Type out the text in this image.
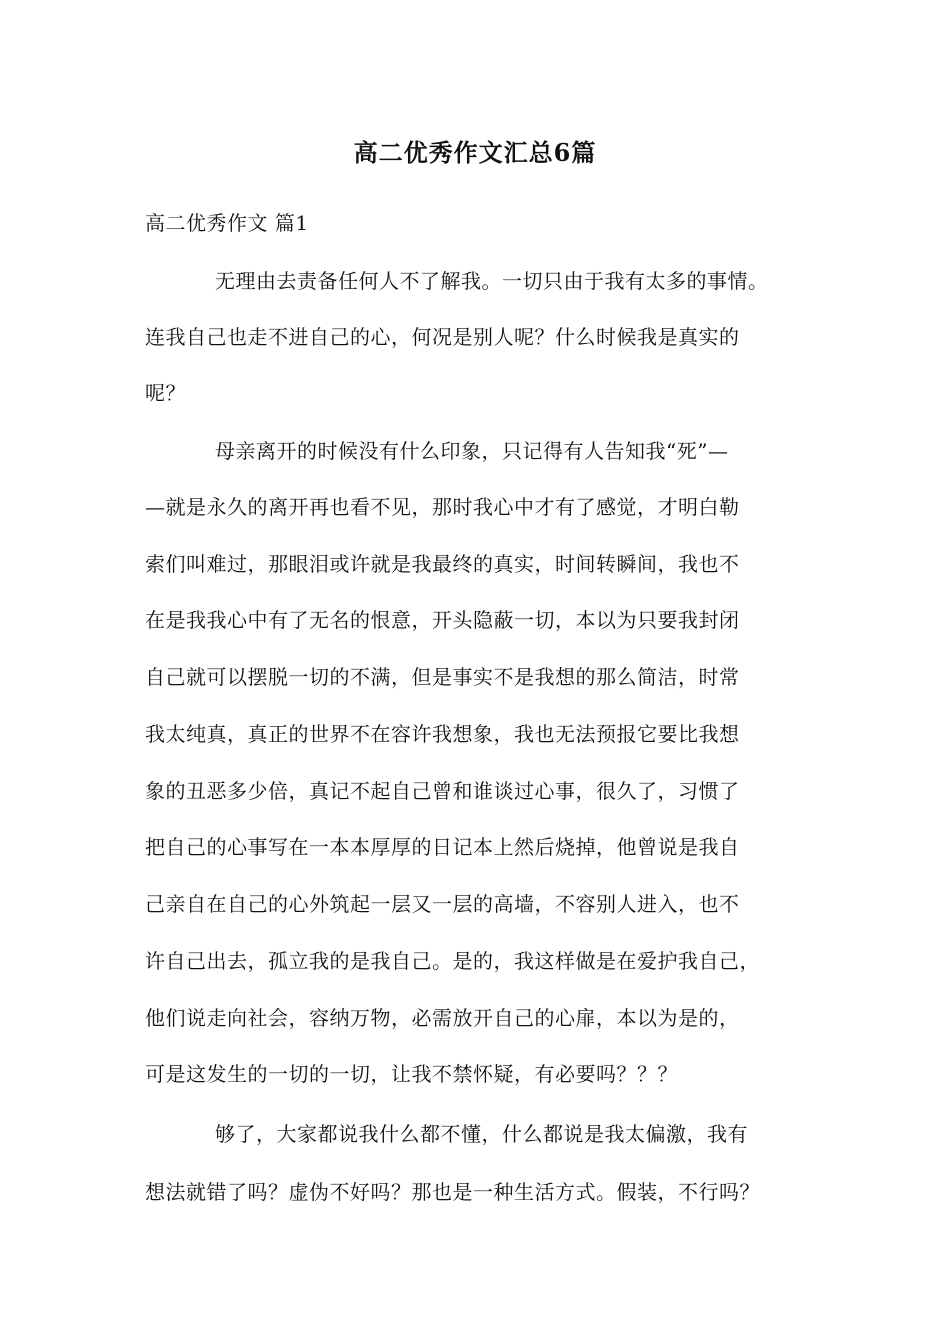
高二优秀作文汇总6篇
高二优秀作文 篇1
无理由去责备任何人不了解我。一切只由于我有太多的事情。
连我自己也走不进自己的心，何况是别人呢？什么时候我是真实的
呢？
母亲离开的时候没有什么印象，只记得有人告知我“死”—
—就是永久的离开再也看不见，那时我心中才有了感觉，才明白勒
索们叫难过，那眼泪或许就是我最终的真实，时间转瞬间，我也不
在是我我心中有了无名的恨意，开头隐蔽一切，本以为只要我封闭
自己就可以摆脱一切的不满，但是事实不是我想的那么简洁，时常
我太纯真，真正的世界不在容许我想象，我也无法预报它要比我想
象的丑恶多少倍，真记不起自己曾和谁谈过心事，很久了，习惯了
把自己的心事写在一本本厚厚的日记本上然后烧掉，他曾说是我自
己亲自在自己的心外筑起一层又一层的高墙，不容别人进入，也不
许自己出去，孤立我的是我自己。是的，我这样做是在爱护我自己，
他们说走向社会，容纳万物，必需放开自己的心扉，本以为是的，
可是这发生的一切的一切，让我不禁怀疑，有必要吗？？？
够了，大家都说我什么都不懂，什么都说是我太偏激，我有
想法就错了吗？虚伪不好吗？那也是一种生活方式。假装，不行吗？
